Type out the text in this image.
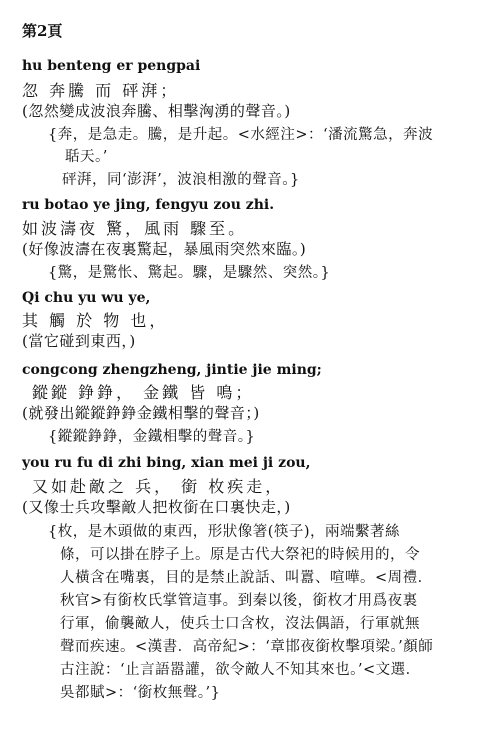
第2頁
hu benteng er pengpai
忽 奔騰 而 砰湃；
(忽然變成波浪奔騰、相擊洶湧的聲音。)
{奔，是急走。騰，是升起。<水經注>：‘潘流驚急，奔波
聒天。’
砰湃，同‘澎湃’，波浪相激的聲音。}
ru botao ye jing, fengyu zou zhi.
如波濤夜 驚，風雨 驟至。
(好像波濤在夜裏驚起，暴風雨突然來臨。)
{驚，是驚怅、驚起。驟，是驟然、突然。}
Qi chu yu wu ye,
其 觸 於 物 也，
(當它碰到東西，)
congcong zhengzheng, jintie jie ming;
鏦鏦 錚錚， 金鐵 皆 鳴；
(就發出鏦鏦錚錚金鐵相擊的聲音；)
{鏦鏦錚錚，金鐵相擊的聲音。}
you ru fu di zhi bing, xian mei ji zou,
又如赴敵之 兵， 銜 枚疾走，
(又像士兵攻擊敵人把枚銜在口裏快走，)
{枚，是木頭做的東西，形狀像箸(筷子)，兩端繫著絲
條，可以掛在脖子上。原是古代大祭祀的時候用的，令
人橫含在嘴裏，目的是禁止說話、叫囂、喧嘩。<周禮．
秋官>有銜枚氏掌管這事。到秦以後，銜枚才用爲夜裏
行軍，偷襲敵人，使兵士口含枚，沒法偶語，行軍就無
聲而疾速。<漢書．高帝紀>：‘章邯夜銜枚擊項梁。’顏師
古注說：‘止言語嚣讙，欲令敵人不知其來也。’<文選．
吳都賦>：‘銜枚無聲。’}
